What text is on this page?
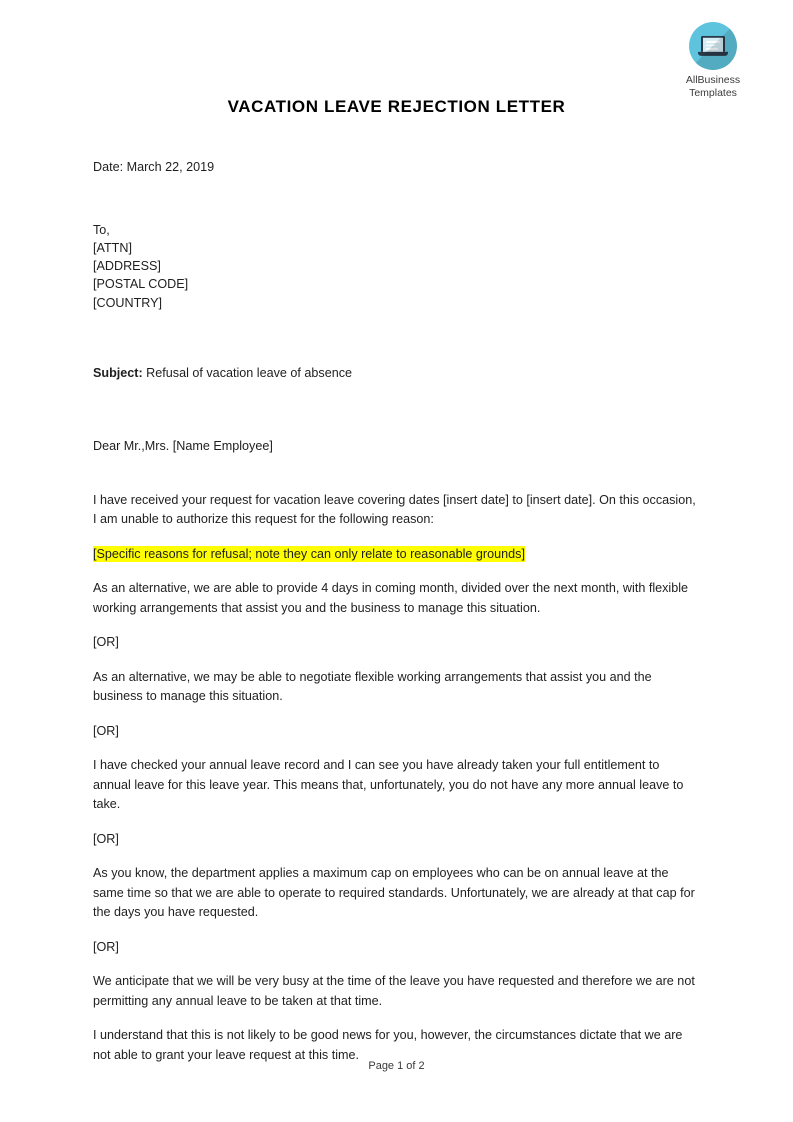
AllBusiness
Templates
VACATION LEAVE REJECTION LETTER
Date: March 22, 2019
To,
[ATTN]
[ADDRESS]
[POSTAL CODE]
[COUNTRY]
Subject: Refusal of vacation leave of absence
Dear Mr.,Mrs. [Name Employee]

I have received your request for vacation leave covering dates [insert date] to [insert date]. On this occasion, I am unable to authorize this request for the following reason:

[Specific reasons for refusal; note they can only relate to reasonable grounds]

As an alternative, we are able to provide 4 days in coming month, divided over the next month, with flexible working arrangements that assist you and the business to manage this situation.

[OR]

As an alternative, we may be able to negotiate flexible working arrangements that assist you and the business to manage this situation.

[OR]

I have checked your annual leave record and I can see you have already taken your full entitlement to annual leave for this leave year. This means that, unfortunately, you do not have any more annual leave to take.

[OR]

As you know, the department applies a maximum cap on employees who can be on annual leave at the same time so that we are able to operate to required standards. Unfortunately, we are already at that cap for the days you have requested.

[OR]

We anticipate that we will be very busy at the time of the leave you have requested and therefore we are not permitting any annual leave to be taken at that time.

I understand that this is not likely to be good news for you, however, the circumstances dictate that we are not able to grant your leave request at this time.

Page 1 of 2
